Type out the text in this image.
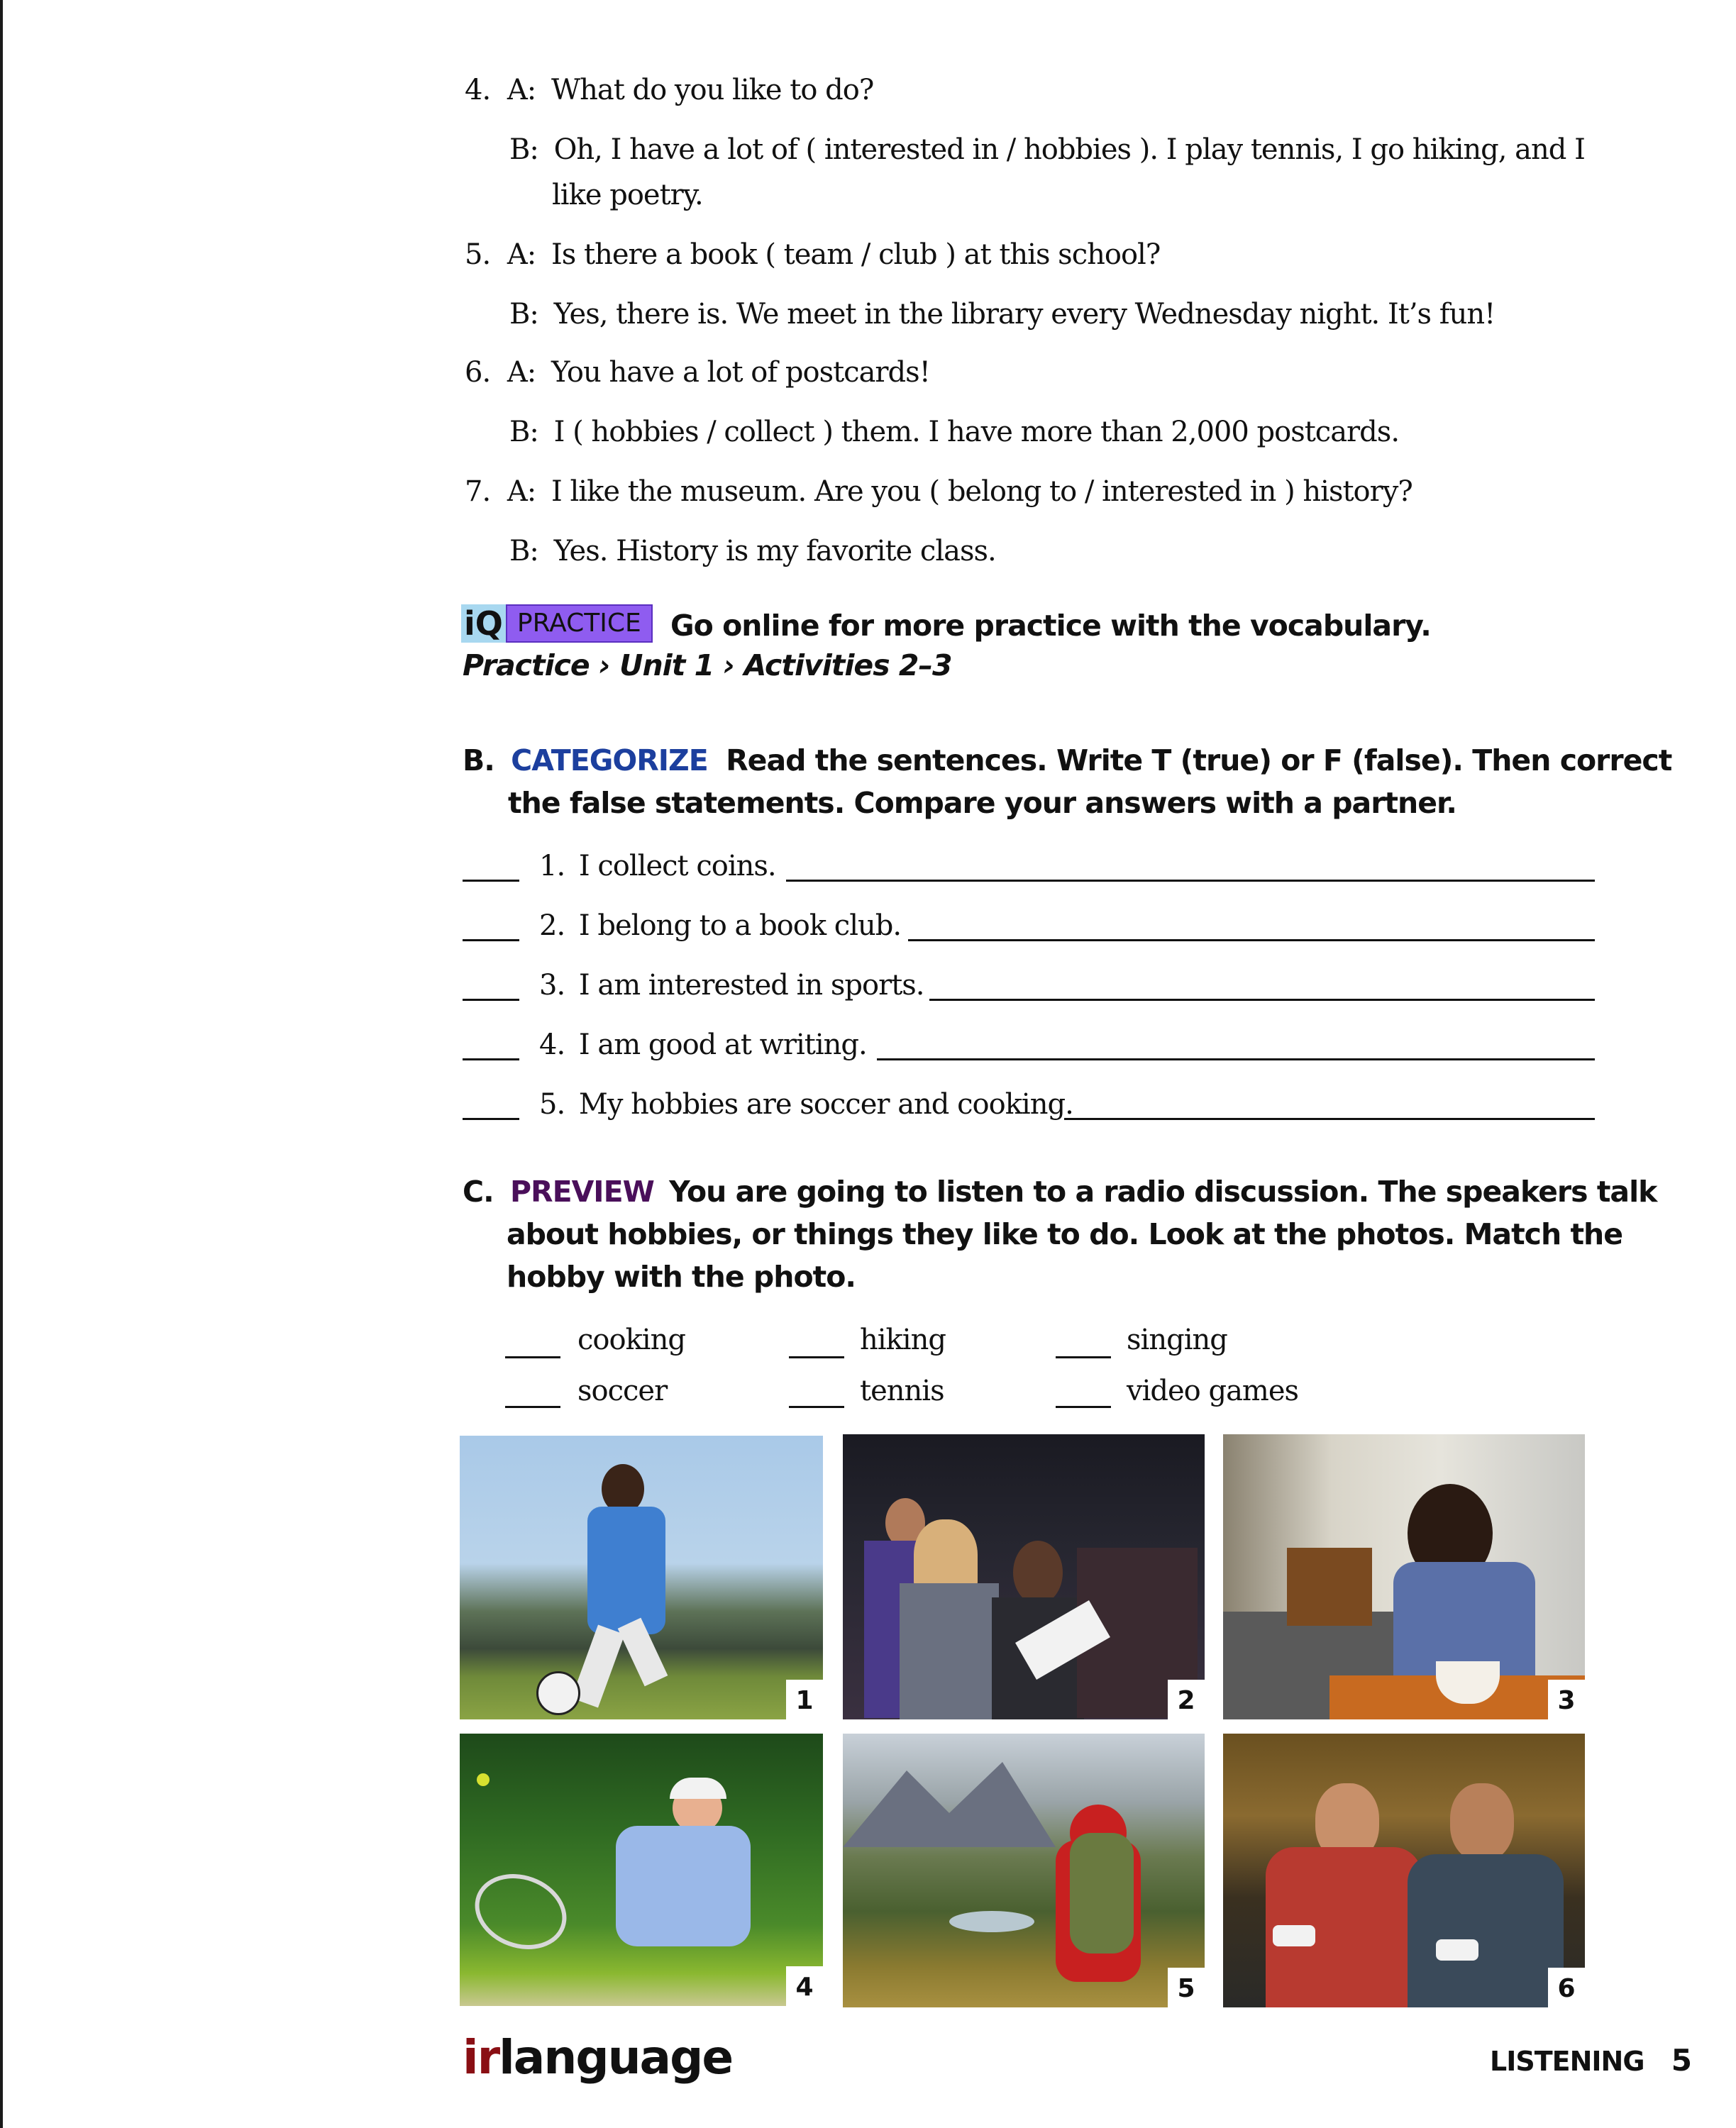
4. A: What do you like to do?
B: Oh, I have a lot of ( interested in / hobbies ). I play tennis, I go hiking, and I
like poetry.
5. A: Is there a book ( team / club ) at this school?
B: Yes, there is. We meet in the library every Wednesday night. It’s fun!
6. A: You have a lot of postcards!
B: I ( hobbies / collect ) them. I have more than 2,000 postcards.
7. A: I like the museum. Are you ( belong to / interested in ) history?
B: Yes. History is my favorite class.
iQ PRACTICE	Go online for more practice with the vocabulary.
Practice › Unit 1 › Activities 2–3
B. CATEGORIZE Read the sentences. Write T (true) or F (false). Then correct
the false statements. Compare your answers with a partner.
1. I collect coins.
2. I belong to a book club.
3. I am interested in sports.
4. I am good at writing.
5. My hobbies are soccer and cooking.
C. PREVIEW You are going to listen to a radio discussion. The speakers talk
about hobbies, or things they like to do. Look at the photos. Match the
hobby with the photo.
cooking	hiking	singing
soccer	tennis	video games
1	2	3
4	5	6
irlanguage	LISTENING 5
